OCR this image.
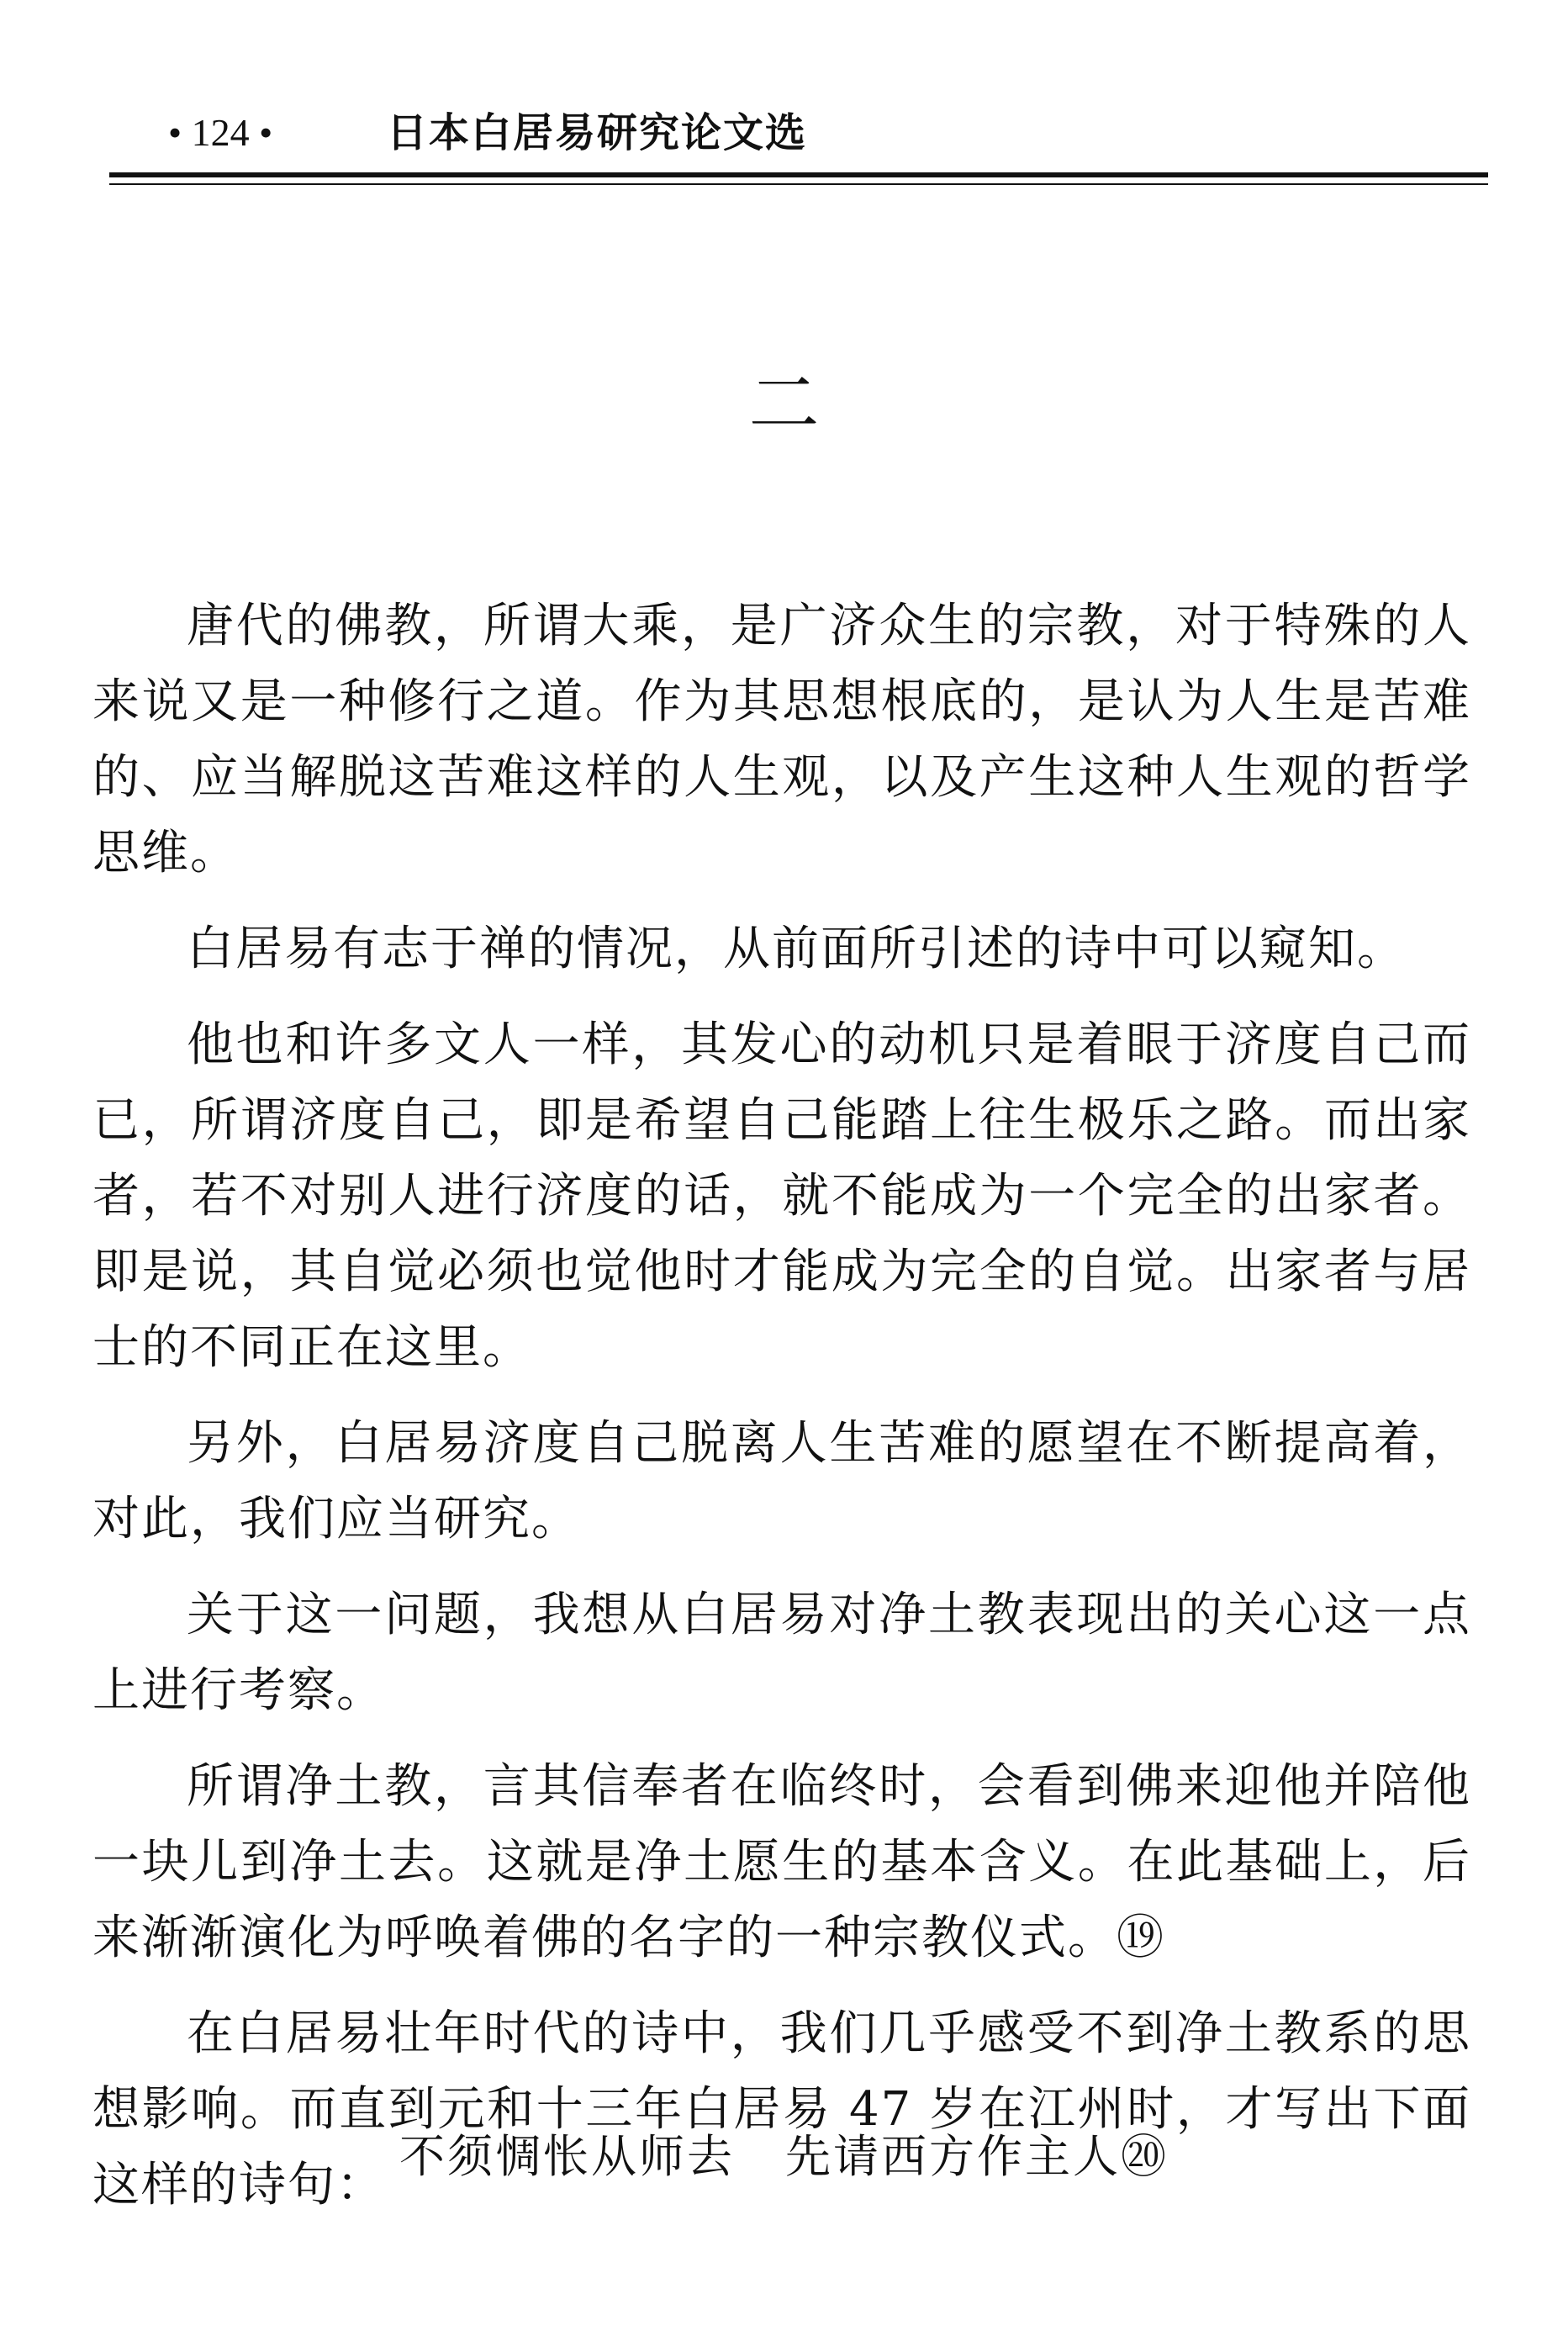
• 124 •	日本白居易研究论文选
二

唐代的佛教，所谓大乘，是广济众生的宗教，对于特殊的人来说又是一种修行之道。作为其思想根底的，是认为人生是苦难的、应当解脱这苦难这样的人生观，以及产生这种人生观的哲学思维。

白居易有志于禅的情况，从前面所引述的诗中可以窥知。

他也和许多文人一样，其发心的动机只是着眼于济度自己而已，所谓济度自己，即是希望自己能踏上往生极乐之路。而出家者，若不对别人进行济度的话，就不能成为一个完全的出家者。即是说，其自觉必须也觉他时才能成为完全的自觉。出家者与居士的不同正在这里。

另外，白居易济度自己脱离人生苦难的愿望在不断提高着，对此，我们应当研究。

关于这一问题，我想从白居易对净土教表现出的关心这一点上进行考察。

所谓净土教，言其信奉者在临终时，会看到佛来迎他并陪他一块儿到净土去。这就是净土愿生的基本含义。在此基础上，后来渐渐演化为呼唤着佛的名字的一种宗教仪式。⑲

在白居易壮年时代的诗中，我们几乎感受不到净土教系的思想影响。而直到元和十三年白居易 47 岁在江州时，才写出下面这样的诗句：

不须惆怅从师去 先请西方作主人⑳
